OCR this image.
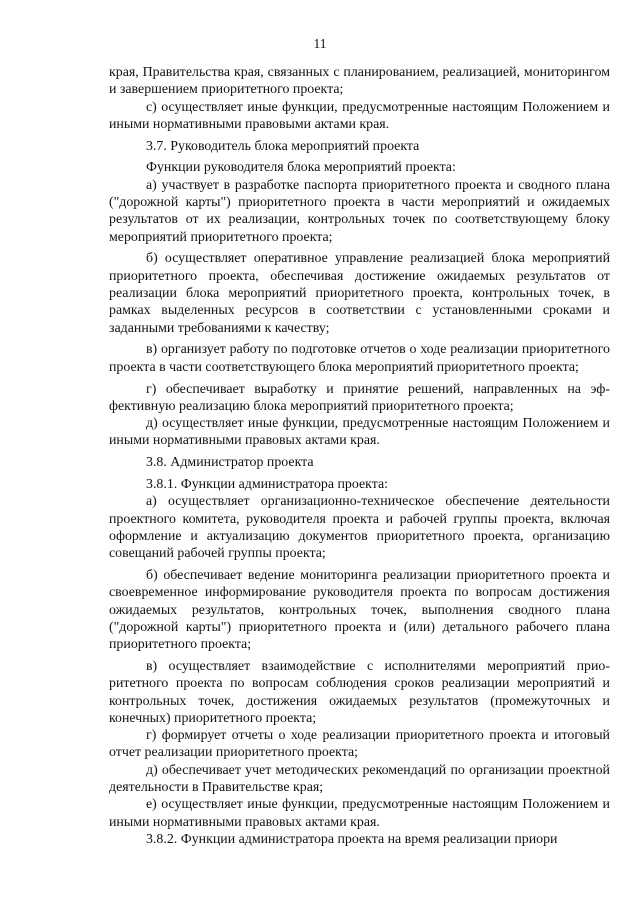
11

края, Правительства края, связанных с планированием, реализацией, мониторингом и завершением приоритетного проекта;

с) осуществляет иные функции, предусмотренные настоящим Положением и иными нормативными правовыми актами края.

3.7. Руководитель блока мероприятий проекта

Функции руководителя блока мероприятий проекта:

а) участвует в разработке паспорта приоритетного проекта и сводного плана ("дорожной карты") приоритетного проекта в части мероприятий и ожидаемых результатов от их реализации, контрольных точек по соответствующему блоку мероприятий приоритетного проекта;

б) осуществляет оперативное управление реализацией блока мероприятий приоритетного проекта, обеспечивая достижение ожидаемых результатов от реализации блока мероприятий приоритетного проекта, контрольных точек, в рамках выделенных ресурсов в соответствии с установленными сроками и заданными требованиями к качеству;

в) организует работу по подготовке отчетов о ходе реализации приоритетного проекта в части соответствующего блока мероприятий приоритетного проекта;

г) обеспечивает выработку и принятие решений, направленных на эффективную реализацию блока мероприятий приоритетного проекта;

д) осуществляет иные функции, предусмотренные настоящим Положением и иными нормативными правовых актами края.

3.8. Администратор проекта

3.8.1. Функции администратора проекта:

а) осуществляет организационно-техническое обеспечение деятельности проектного комитета, руководителя проекта и рабочей группы проекта, включая оформление и актуализацию документов приоритетного проекта, организацию совещаний рабочей группы проекта;

б) обеспечивает ведение мониторинга реализации приоритетного проекта и своевременное информирование руководителя проекта по вопросам достижения ожидаемых результатов, контрольных точек, выполнения сводного плана ("дорожной карты") приоритетного проекта и (или) детального рабочего плана приоритетного проекта;

в) осуществляет взаимодействие с исполнителями мероприятий приоритетного проекта по вопросам соблюдения сроков реализации мероприятий и контрольных точек, достижения ожидаемых результатов (промежуточных и конечных) приоритетного проекта;

г) формирует отчеты о ходе реализации приоритетного проекта и итоговый отчет реализации приоритетного проекта;

д) обеспечивает учет методических рекомендаций по организации проектной деятельности в Правительстве края;

е) осуществляет иные функции, предусмотренные настоящим Положением и иными нормативными правовых актами края.

3.8.2. Функции администратора проекта на время реализации приори
